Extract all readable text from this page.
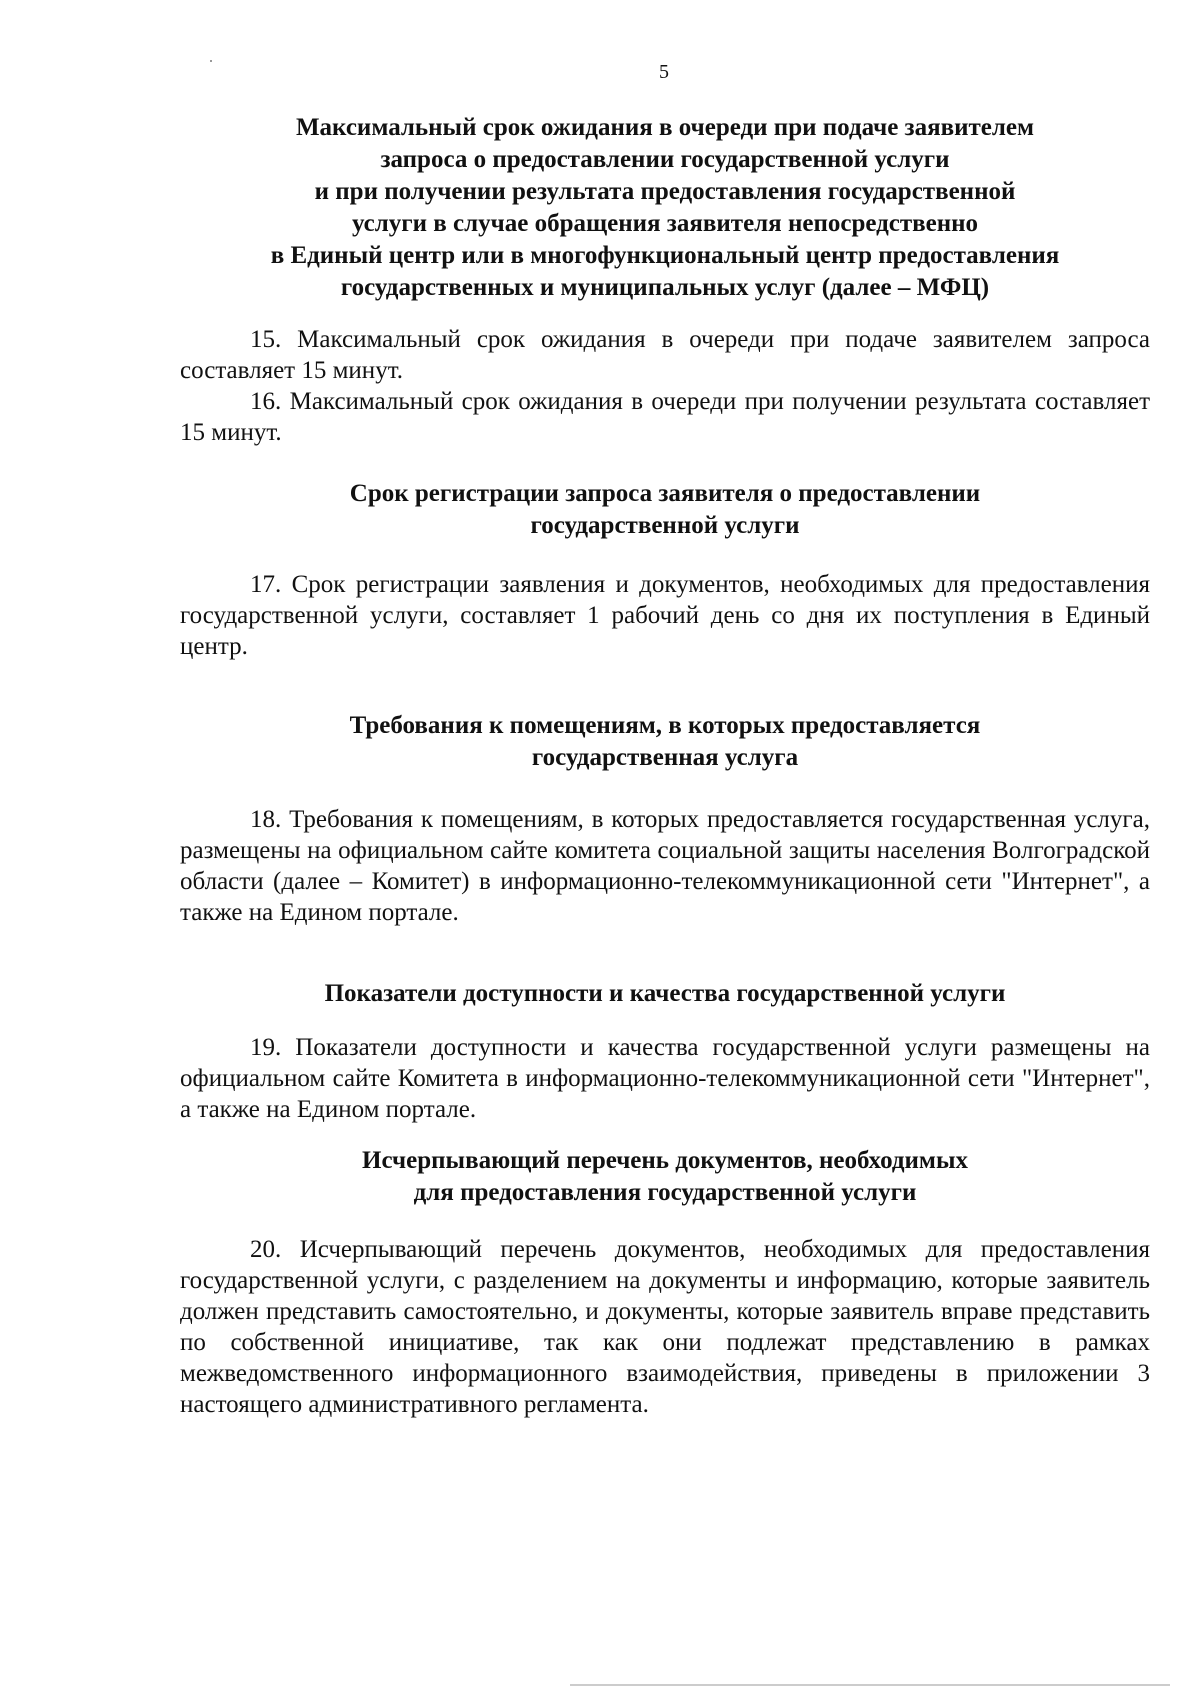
5
Максимальный срок ожидания в очереди при подаче заявителем
запроса о предоставлении государственной услуги
и при получении результата предоставления государственной
услуги в случае обращения заявителя непосредственно
в Единый центр или в многофункциональный центр предоставления
государственных и муниципальных услуг (далее – МФЦ)

15. Максимальный срок ожидания в очереди при подаче заявителем запроса составляет 15 минут.

16. Максимальный срок ожидания в очереди при получении результата составляет 15 минут.

Срок регистрации запроса заявителя о предоставлении
государственной услуги

17. Срок регистрации заявления и документов, необходимых для предоставления государственной услуги, составляет 1 рабочий день со дня их поступления в Единый центр.

Требования к помещениям, в которых предоставляется
государственная услуга

18. Требования к помещениям, в которых предоставляется государственная услуга, размещены на официальном сайте комитета социальной защиты населения Волгоградской области (далее – Комитет) в информационно-телекоммуникационной сети "Интернет", а также на Едином портале.

Показатели доступности и качества государственной услуги

19. Показатели доступности и качества государственной услуги размещены на официальном сайте Комитета в информационно-телекоммуникационной сети "Интернет", а также на Едином портале.

Исчерпывающий перечень документов, необходимых
для предоставления государственной услуги

20. Исчерпывающий перечень документов, необходимых для предоставления государственной услуги, с разделением на документы и информацию, которые заявитель должен представить самостоятельно, и документы, которые заявитель вправе представить по собственной инициативе, так как они подлежат представлению в рамках межведомственного информационного взаимодействия, приведены в приложении 3 настоящего административного регламента.
